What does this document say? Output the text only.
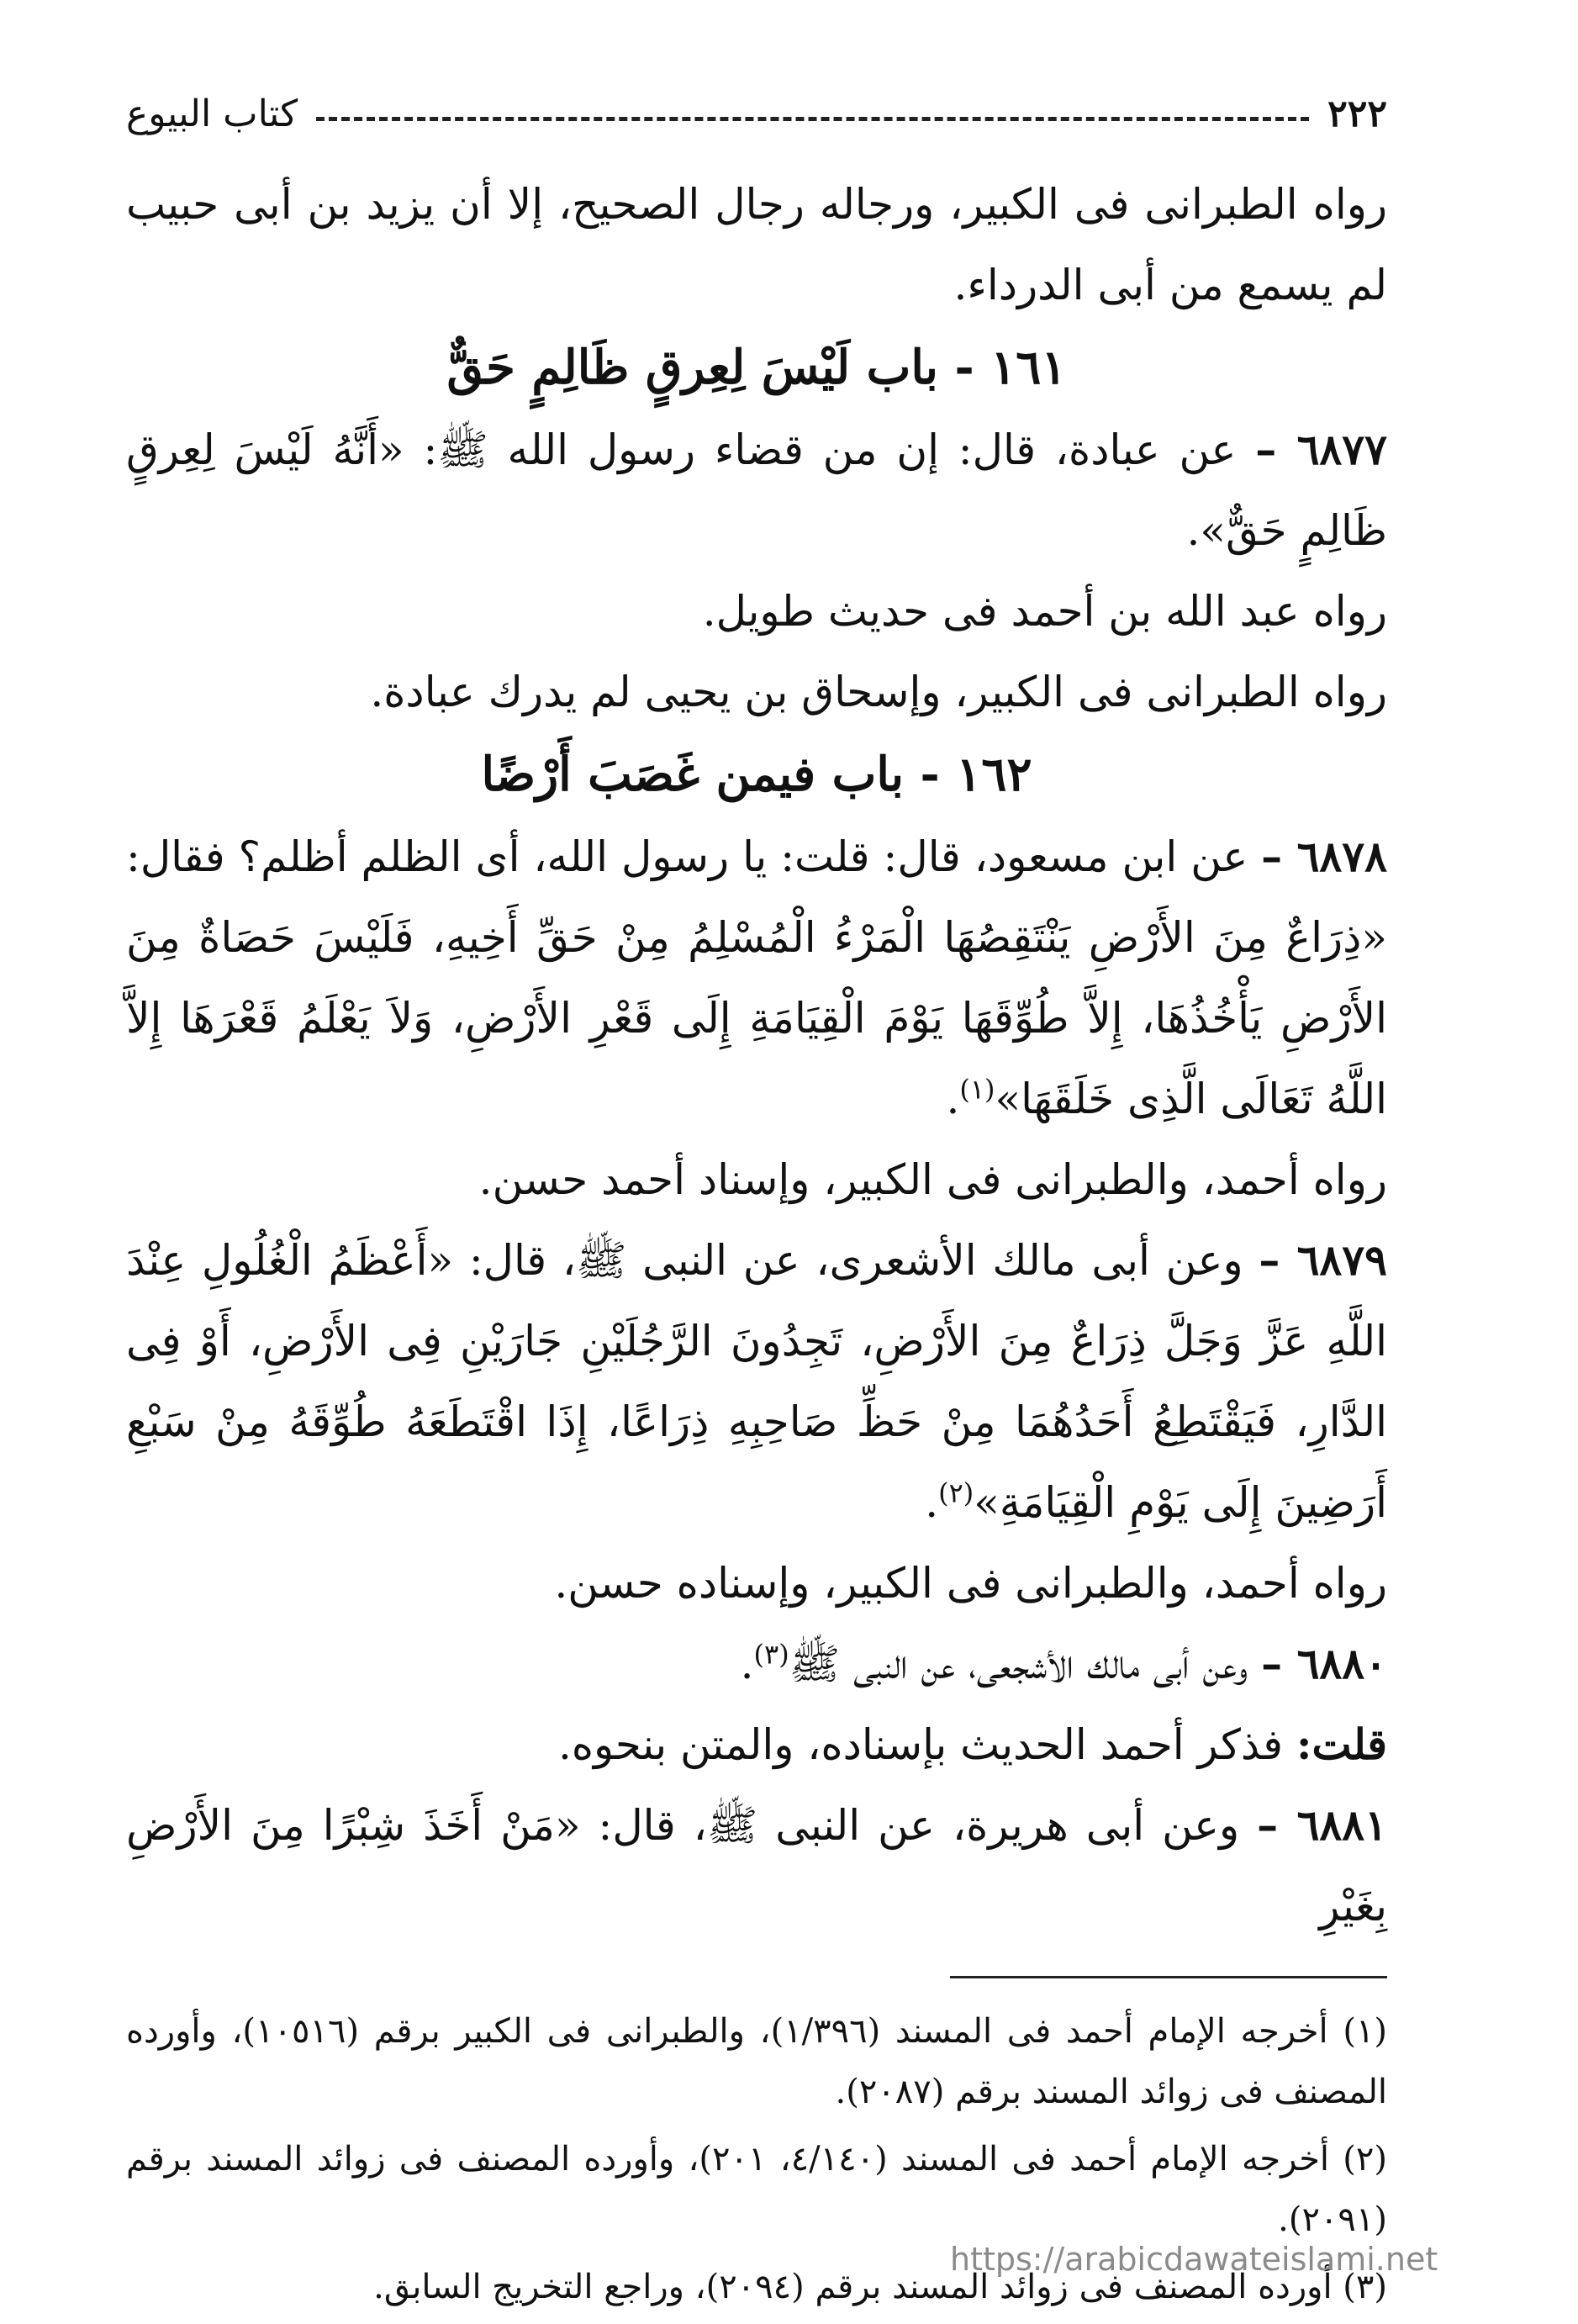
٢٢٢
كتاب البيوع

رواه الطبرانى فى الكبير، ورجاله رجال الصحيح، إلا أن يزيد بن أبى حبيب لم يسمع من أبى الدرداء.

١٦١ - باب لَيْسَ لِعِرقٍ ظَالِمٍ حَقٌّ

٦٨٧٧ – عن عبادة، قال: إن من قضاء رسول الله ﷺ: «أَنَّهُ لَيْسَ لِعِرقٍ ظَالِمٍ حَقٌّ».

رواه عبد الله بن أحمد فى حديث طويل.

رواه الطبرانى فى الكبير، وإسحاق بن يحيى لم يدرك عبادة.

١٦٢ - باب فيمن غَصَبَ أَرْضًا

٦٨٧٨ – عن ابن مسعود، قال: قلت: يا رسول الله، أى الظلم أظلم؟ فقال: «ذِرَاعٌ مِنَ الأَرْضِ يَنْتَقِصُهَا الْمَرْءُ الْمُسْلِمُ مِنْ حَقِّ أَخِيهِ، فَلَيْسَ حَصَاةٌ مِنَ الأَرْضِ يَأْخُذُهَا، إِلاَّ طُوِّقَهَا يَوْمَ الْقِيَامَةِ إِلَى قَعْرِ الأَرْضِ، وَلاَ يَعْلَمُ قَعْرَهَا إِلاَّ اللَّهُ تَعَالَى الَّذِى خَلَقَهَا»$^{(١)}$.

رواه أحمد، والطبرانى فى الكبير، وإسناد أحمد حسن.

٦٨٧٩ – وعن أبى مالك الأشعرى، عن النبى ﷺ، قال: «أَعْظَمُ الْغُلُولِ عِنْدَ اللَّهِ عَزَّ وَجَلَّ ذِرَاعٌ مِنَ الأَرْضِ، تَجِدُونَ الرَّجُلَيْنِ جَارَيْنِ فِى الأَرْضِ، أَوْ فِى الدَّارِ، فَيَقْتَطِعُ أَحَدُهُمَا مِنْ حَظِّ صَاحِبِهِ ذِرَاعًا، إِذَا اقْتَطَعَهُ طُوِّقَهُ مِنْ سَبْعِ أَرَضِينَ إِلَى يَوْمِ الْقِيَامَةِ»$^{(٢)}$.

رواه أحمد، والطبرانى فى الكبير، وإسناده حسن.

٦٨٨٠ – وعن أبى مالك الأشجعى، عن النبى ﷺ$^{(٣)}$.

قلت: فذكر أحمد الحديث بإسناده، والمتن بنحوه.

٦٨٨١ – وعن أبى هريرة، عن النبى ﷺ، قال: «مَنْ أَخَذَ شِبْرًا مِنَ الأَرْضِ بِغَيْرِ

(١) أخرجه الإمام أحمد فى المسند (١/٣٩٦)، والطبرانى فى الكبير برقم (١٠٥١٦)، وأورده المصنف فى زوائد المسند برقم (٢٠٨٧).

(٢) أخرجه الإمام أحمد فى المسند (٤/١٤٠، ٢٠١)، وأورده المصنف فى زوائد المسند برقم (٢٠٩١).

(٣) أورده المصنف فى زوائد المسند برقم (٢٠٩٤)، وراجع التخريج السابق.

https://arabicdawateislami.net
